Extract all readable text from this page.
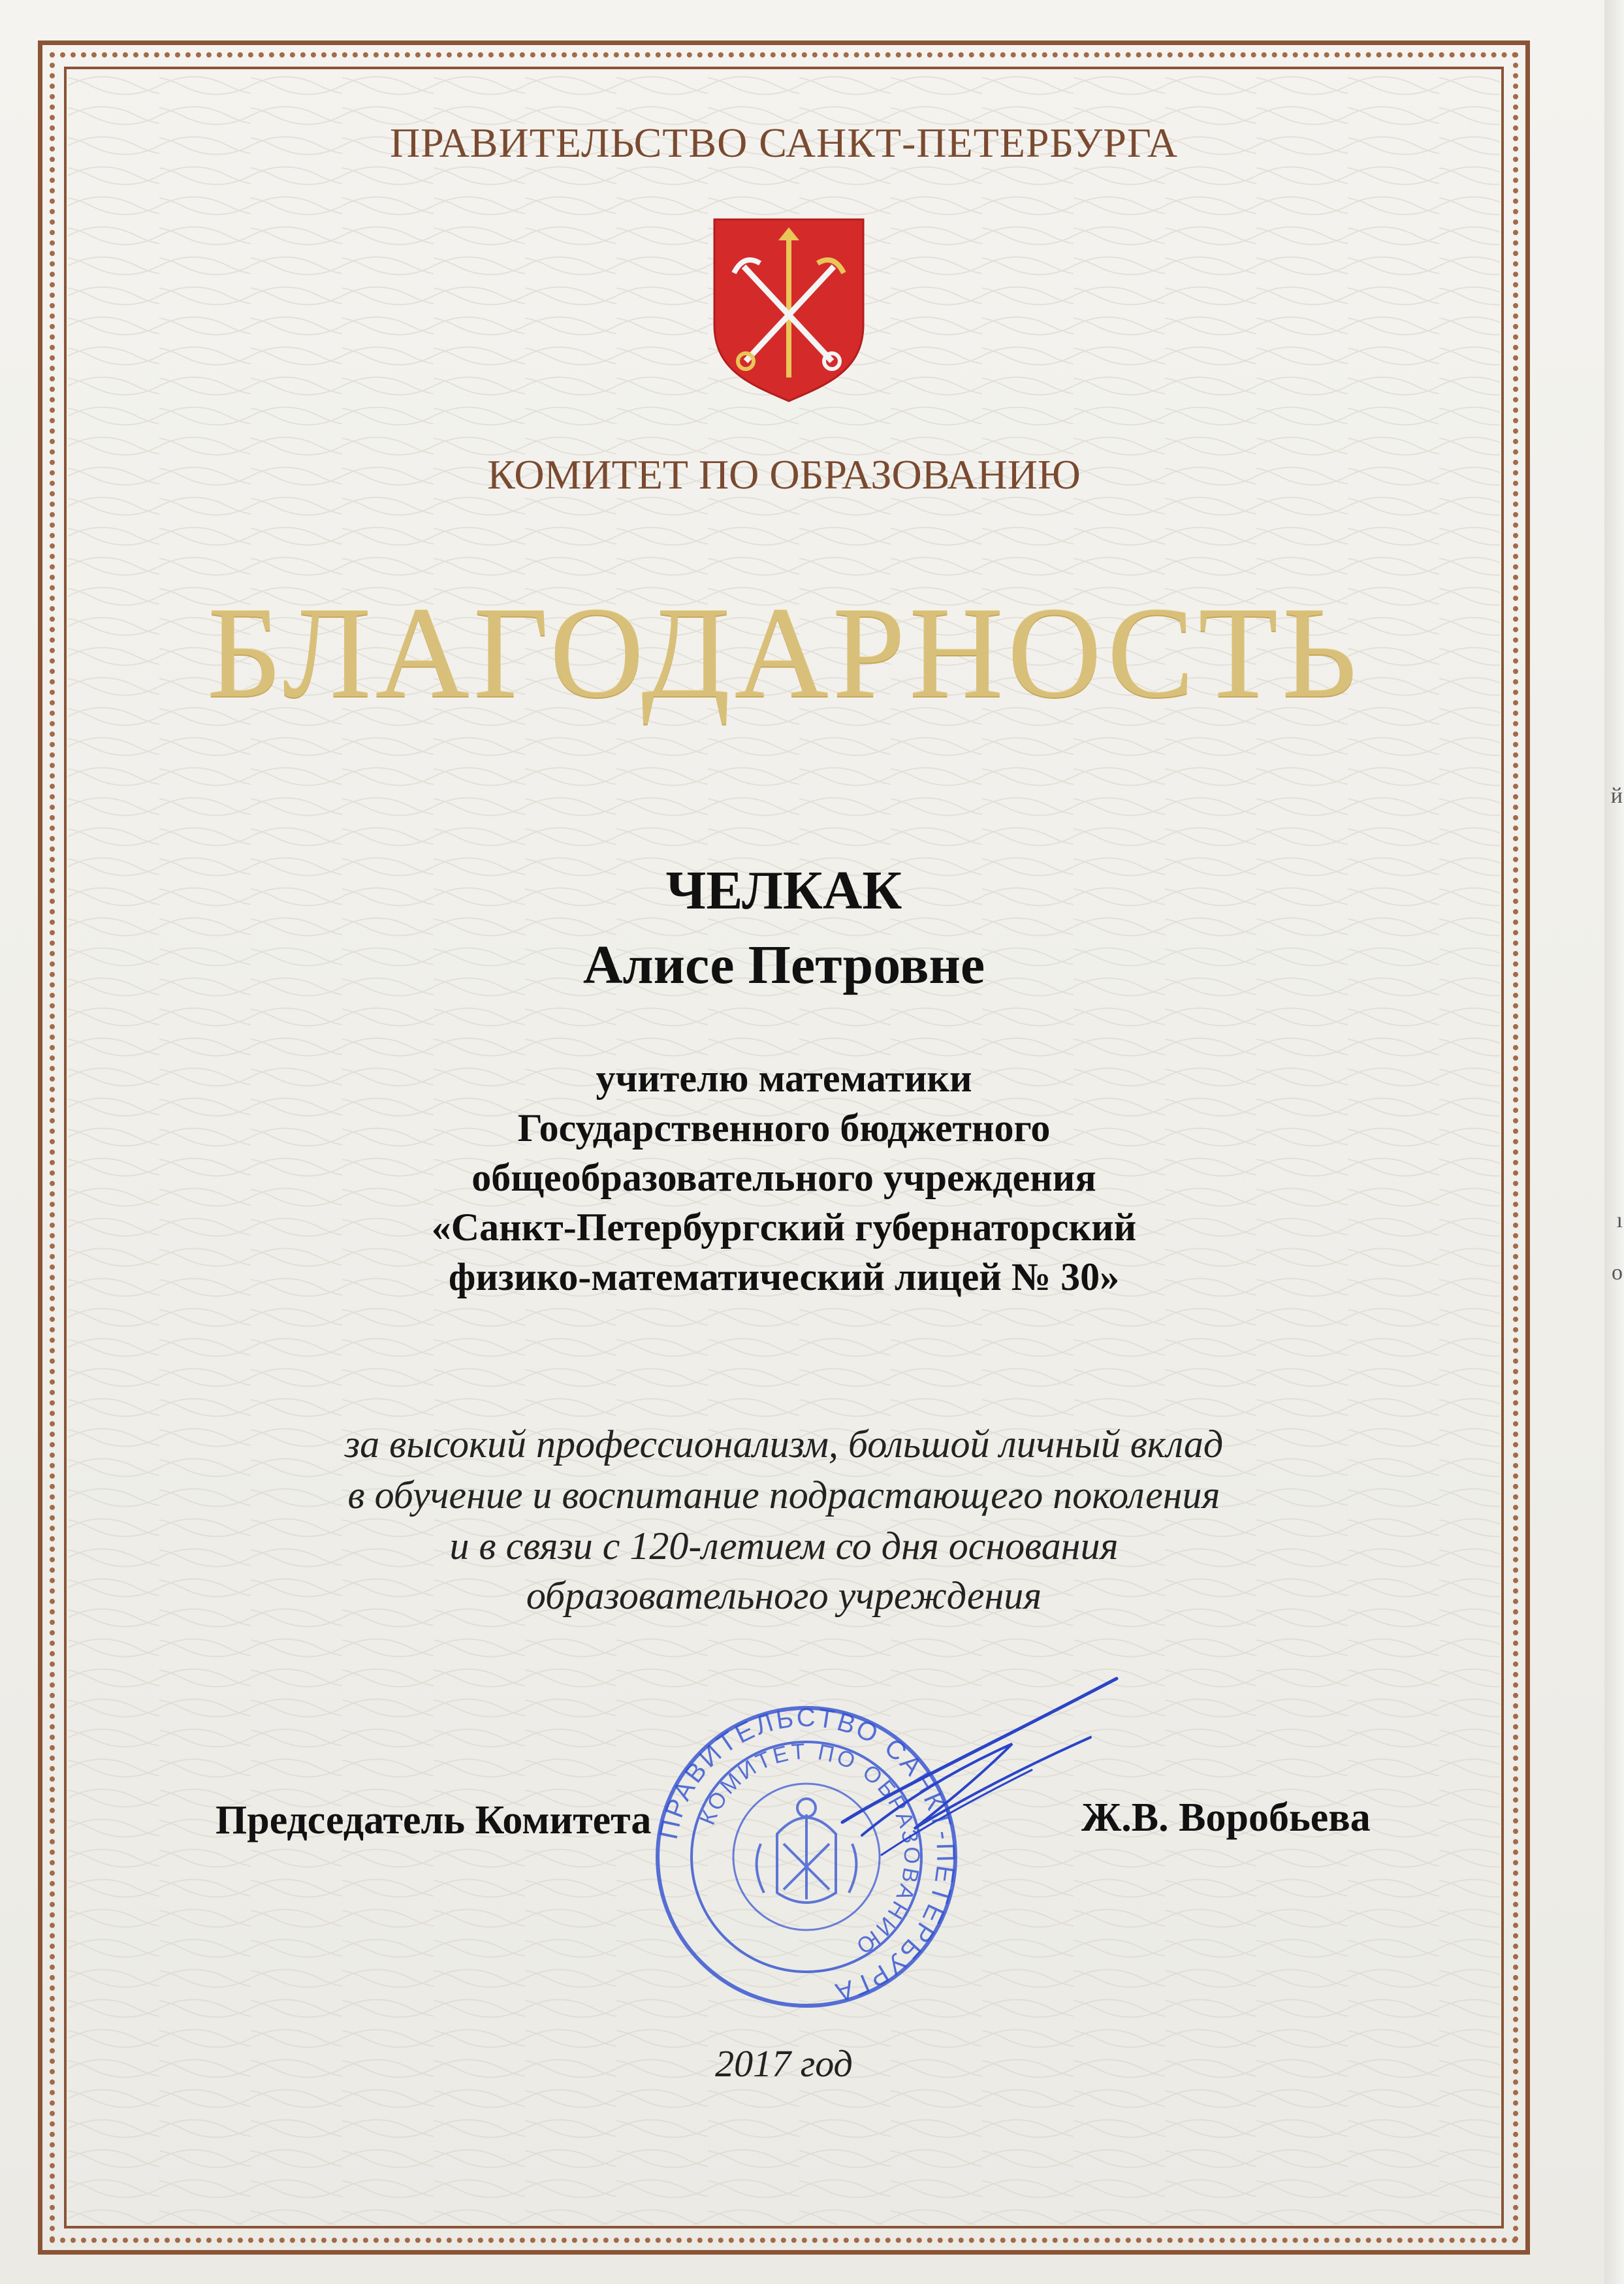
й
ı
о
ПРАВИТЕЛЬСТВО САНКТ-ПЕТЕРБУРГА
КОМИТЕТ ПО ОБРАЗОВАНИЮ
БЛАГОДАРНОСТЬ
ЧЕЛКАК
Алисе Петровне
учителю математики
Государственного бюджетного
общеобразовательного учреждения
«Санкт-Петербургский губернаторский
физико-математический лицей № 30»
за высокий профессионализм, большой личный вклад
в обучение и воспитание подрастающего поколения
и в связи с 120-летием со дня основания
образовательного учреждения
Председатель Комитета	Ж.В. Воробьева
ПРАВИТЕЛЬСТВО САНКТ-ПЕТЕРБУРГА
КОМИТЕТ ПО ОБРАЗОВАНИЮ
2017 год
